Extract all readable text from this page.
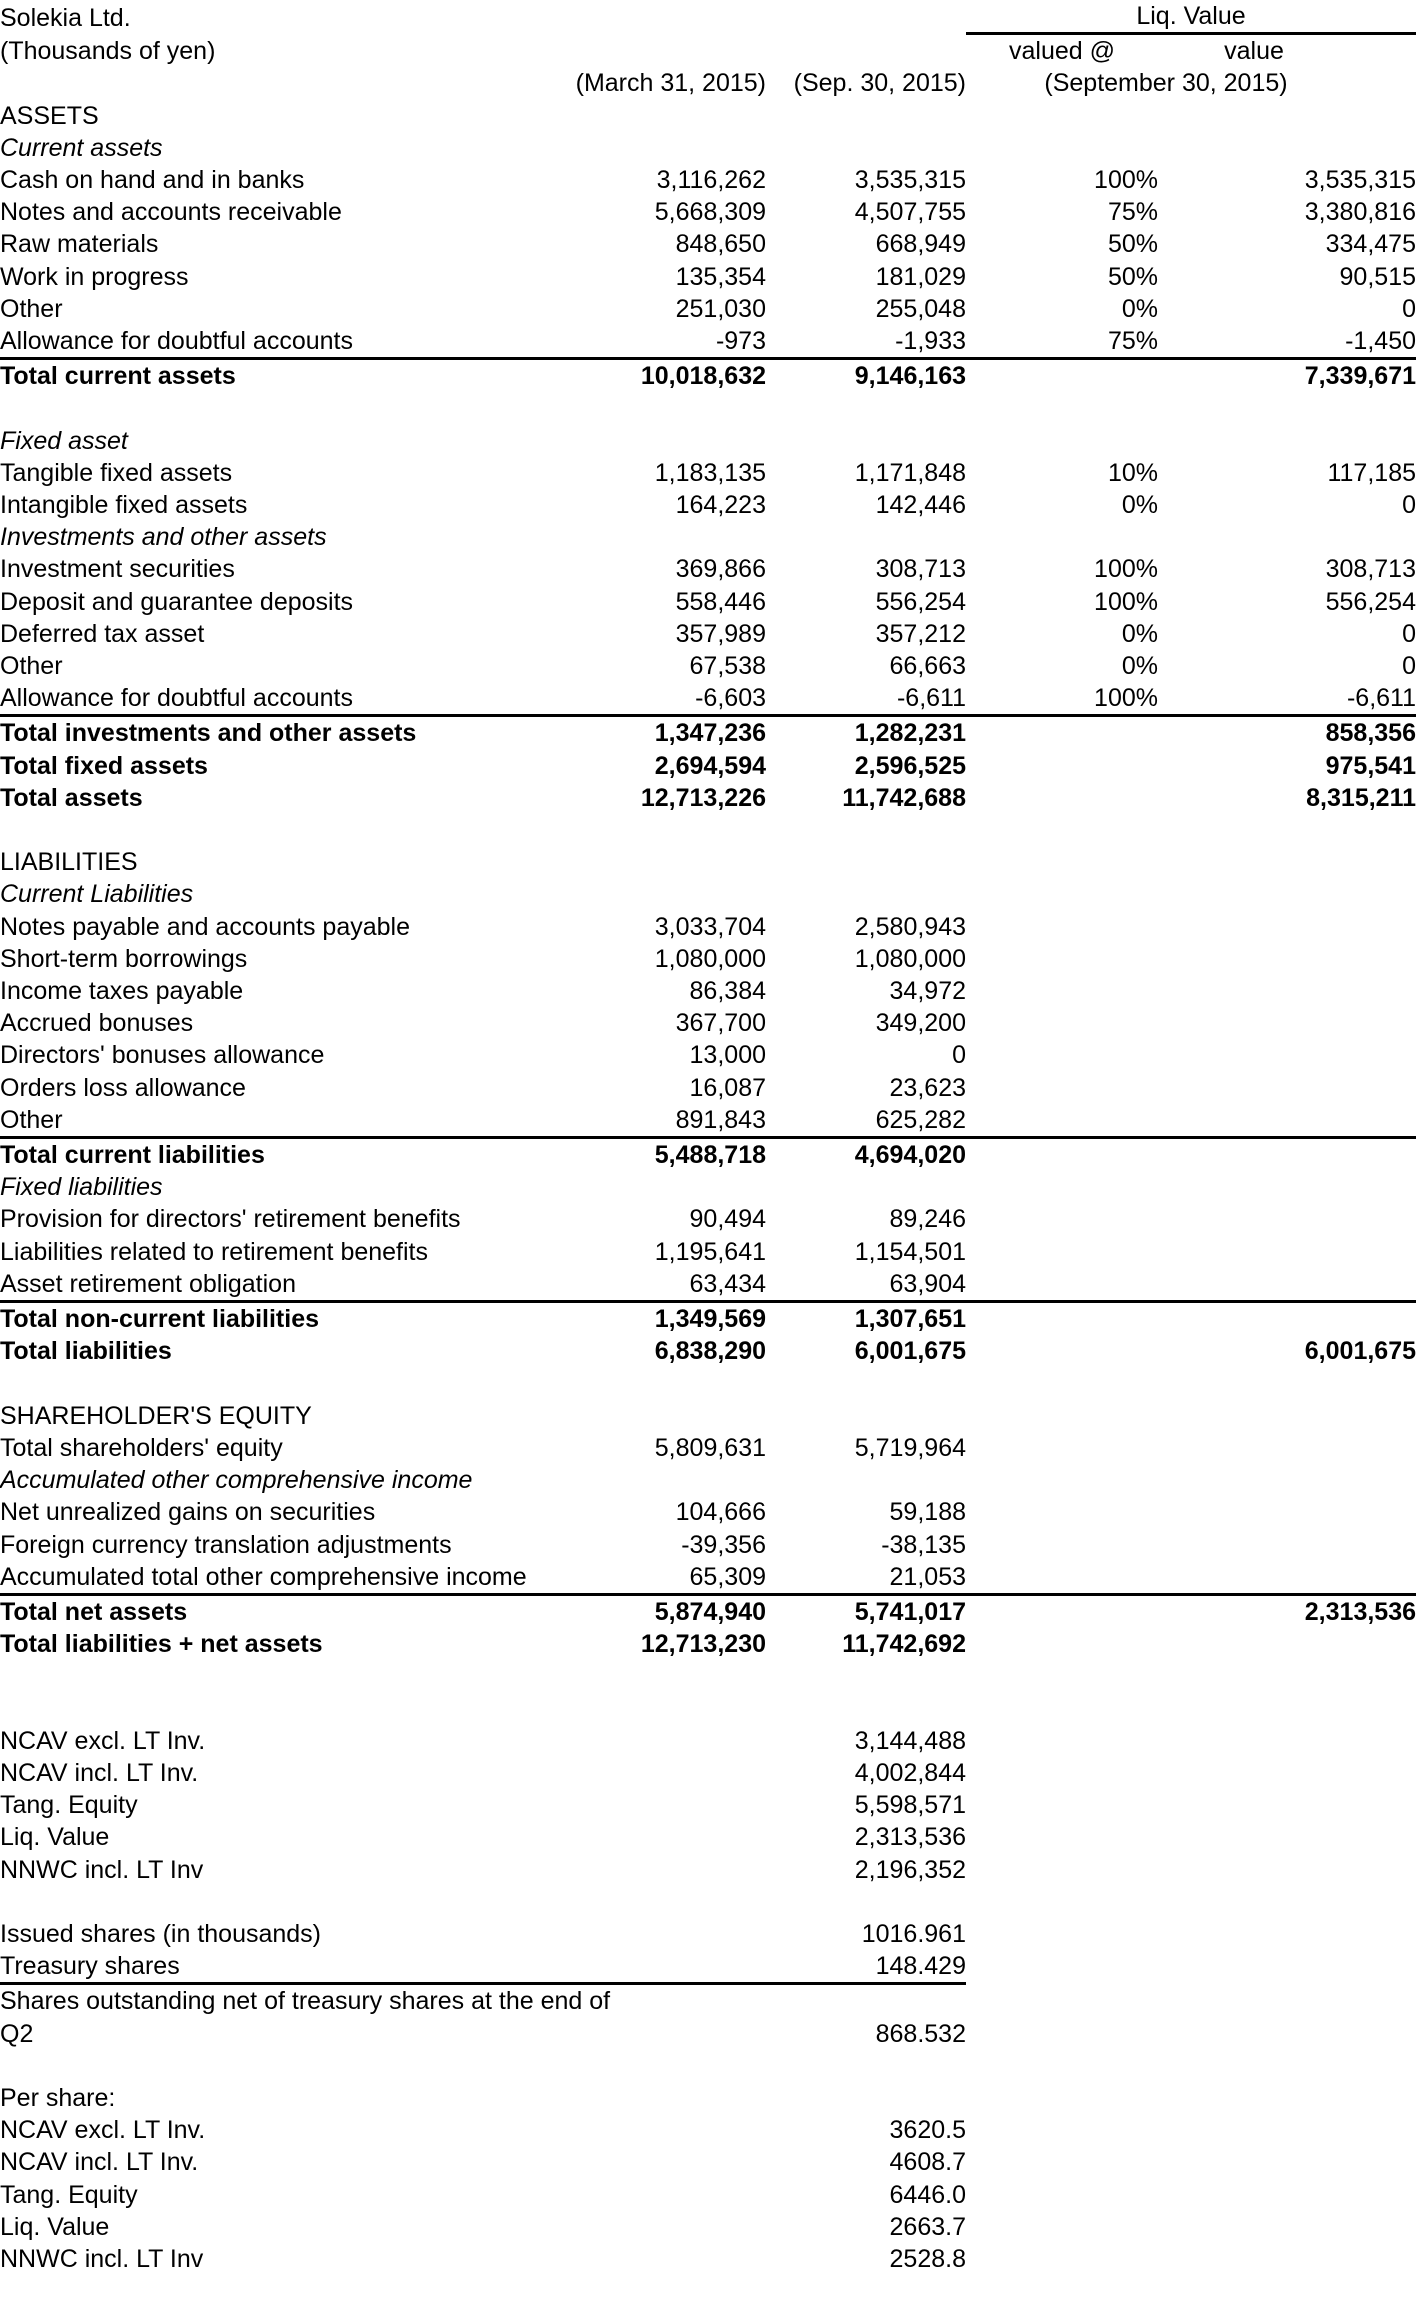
Solekia Ltd.			Liq. Value	
(Thousands of yen)			valued @	value
	(March 31, 2015)	(Sep. 30, 2015)	(September 30, 2015)	
ASSETS				
Current assets				
Cash on hand and in banks	3,116,262	3,535,315	100%	3,535,315
Notes and accounts receivable	5,668,309	4,507,755	75%	3,380,816
Raw materials	848,650	668,949	50%	334,475
Work in progress	135,354	181,029	50%	90,515
Other	251,030	255,048	0%	0
Allowance for doubtful accounts	-973	-1,933	75%	-1,450
Total current assets	10,018,632	9,146,163		7,339,671

Fixed asset				
Tangible fixed assets	1,183,135	1,171,848	10%	117,185
Intangible fixed assets	164,223	142,446	0%	0
Investments and other assets				
Investment securities	369,866	308,713	100%	308,713
Deposit and guarantee deposits	558,446	556,254	100%	556,254
Deferred tax asset	357,989	357,212	0%	0
Other	67,538	66,663	0%	0
Allowance for doubtful accounts	-6,603	-6,611	100%	-6,611
Total investments and other assets	1,347,236	1,282,231		858,356
Total fixed assets	2,694,594	2,596,525		975,541
Total assets	12,713,226	11,742,688		8,315,211

LIABILITIES				
Current Liabilities				
Notes payable and accounts payable	3,033,704	2,580,943		
Short-term borrowings	1,080,000	1,080,000		
Income taxes payable	86,384	34,972		
Accrued bonuses	367,700	349,200		
Directors' bonuses allowance	13,000	0		
Orders loss allowance	16,087	23,623		
Other	891,843	625,282		
Total current liabilities	5,488,718	4,694,020		
Fixed liabilities				
Provision for directors' retirement benefits	90,494	89,246		
Liabilities related to retirement benefits	1,195,641	1,154,501		
Asset retirement obligation	63,434	63,904		
Total non-current liabilities	1,349,569	1,307,651		
Total liabilities	6,838,290	6,001,675		6,001,675

SHAREHOLDER'S EQUITY				
Total shareholders' equity	5,809,631	5,719,964		
Accumulated other comprehensive income				
Net unrealized gains on securities	104,666	59,188		
Foreign currency translation adjustments	-39,356	-38,135		
Accumulated total other comprehensive income	65,309	21,053		
Total net assets	5,874,940	5,741,017		2,313,536
Total liabilities + net assets	12,713,230	11,742,692		

NCAV excl. LT Inv.		3,144,488		
NCAV incl. LT Inv.		4,002,844		
Tang. Equity		5,598,571		
Liq. Value		2,313,536		
NNWC incl. LT Inv		2,196,352		

Issued shares (in thousands)		1016.961		
Treasury shares		148.429		
Shares outstanding net of treasury shares at the end of				
Q2		868.532		

Per share:				
NCAV excl. LT Inv.		3620.5		
NCAV incl. LT Inv.		4608.7		
Tang. Equity		6446.0		
Liq. Value		2663.7		
NNWC incl. LT Inv		2528.8		
